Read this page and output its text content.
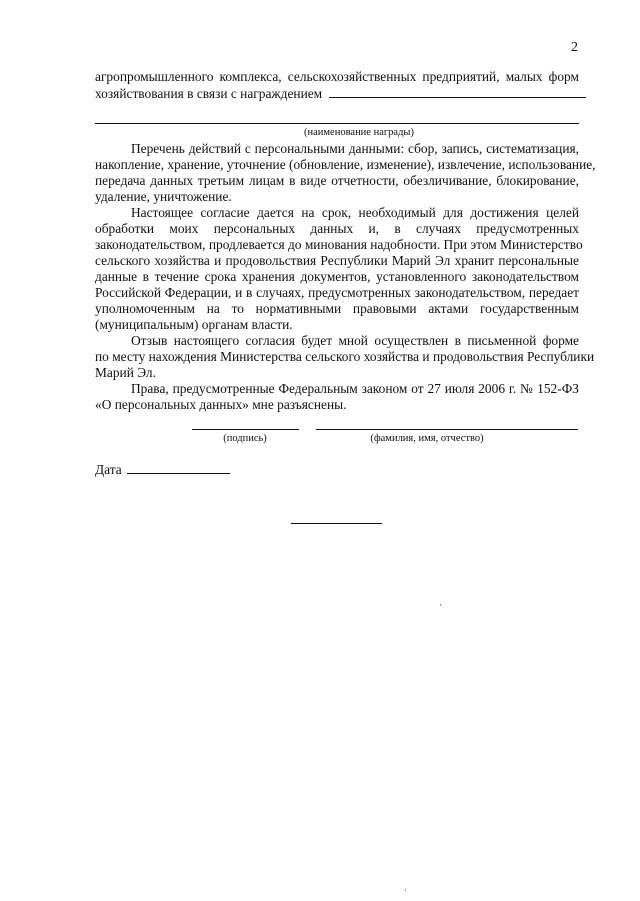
2
агропромышленного комплекса, сельскохозяйственных предприятий, малых форм
хозяйствования в связи с награждением
(наименование награды)
Перечень действий с персональными данными: сбор, запись, систематизация,
накопление, хранение, уточнение (обновление, изменение), извлечение, использование,
передача данных третьим лицам в виде отчетности, обезличивание, блокирование,
удаление, уничтожение.
Настоящее согласие дается на срок, необходимый для достижения целей
обработки моих персональных данных и, в случаях предусмотренных
законодательством, продлевается до минования надобности. При этом Министерство
сельского хозяйства и продовольствия Республики Марий Эл хранит персональные
данные в течение срока хранения документов, установленного законодательством
Российской Федерации, и в случаях, предусмотренных законодательством, передает
уполномоченным на то нормативными правовыми актами государственным
(муниципальным) органам власти.
Отзыв настоящего согласия будет мной осуществлен в письменной форме
по месту нахождения Министерства сельского хозяйства и продовольствия Республики
Марий Эл.
Права, предусмотренные Федеральным законом от 27 июля 2006 г. № 152-ФЗ
«О персональных данных» мне разъяснены.
(подпись)	(фамилия, имя, отчество)
Дата
